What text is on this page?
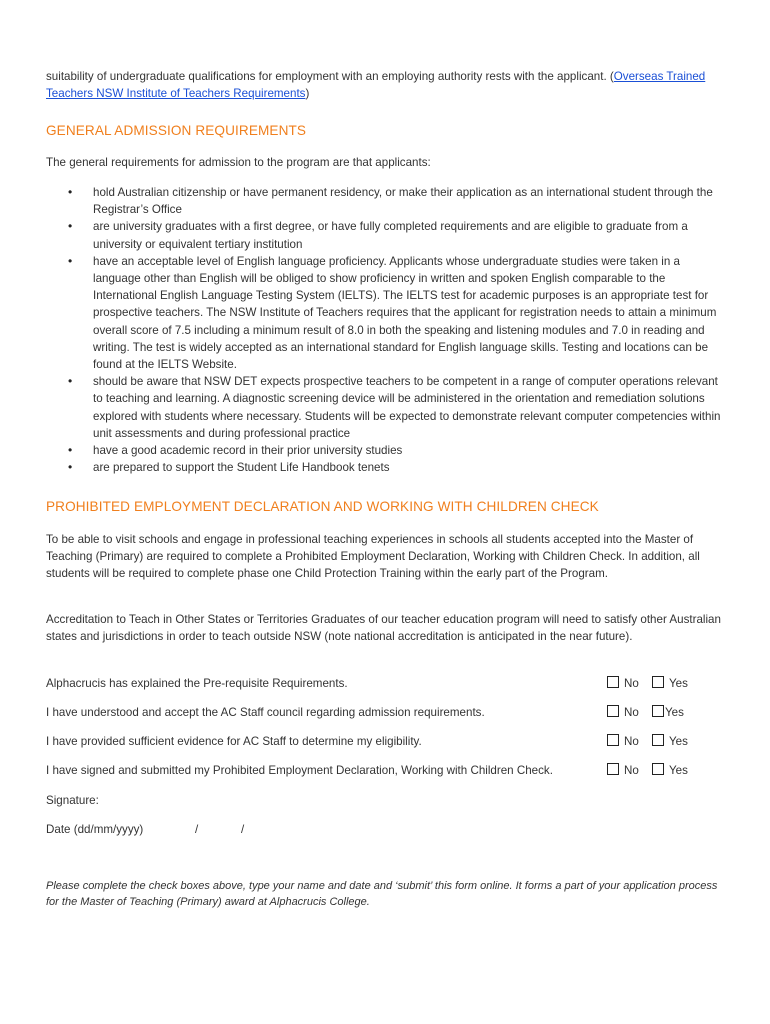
suitability of undergraduate qualifications for employment with an employing authority rests with the applicant. (Overseas Trained Teachers NSW Institute of Teachers Requirements)

GENERAL ADMISSION REQUIREMENTS

The general requirements for admission to the program are that applicants:

• hold Australian citizenship or have permanent residency, or make their application as an international student through the Registrar’s Office
• are university graduates with a first degree, or have fully completed requirements and are eligible to graduate from a university or equivalent tertiary institution
• have an acceptable level of English language proficiency. Applicants whose undergraduate studies were taken in a language other than English will be obliged to show proficiency in written and spoken English comparable to the International English Language Testing System (IELTS). The IELTS test for academic purposes is an appropriate test for prospective teachers. The NSW Institute of Teachers requires that the applicant for registration needs to attain a minimum overall score of 7.5 including a minimum result of 8.0 in both the speaking and listening modules and 7.0 in reading and writing. The test is widely accepted as an international standard for English language skills. Testing and locations can be found at the IELTS Website.
• should be aware that NSW DET expects prospective teachers to be competent in a range of computer operations relevant to teaching and learning. A diagnostic screening device will be administered in the orientation and remediation solutions explored with students where necessary. Students will be expected to demonstrate relevant computer competencies within unit assessments and during professional practice
• have a good academic record in their prior university studies
• are prepared to support the Student Life Handbook tenets
PROHIBITED EMPLOYMENT DECLARATION AND WORKING WITH CHILDREN CHECK

To be able to visit schools and engage in professional teaching experiences in schools all students accepted into the Master of Teaching (Primary) are required to complete a Prohibited Employment Declaration, Working with Children Check. In addition, all students will be required to complete phase one Child Protection Training within the early part of the Program.

Accreditation to Teach in Other States or Territories Graduates of our teacher education program will need to satisfy other Australian states and jurisdictions in order to teach outside NSW (note national accreditation is anticipated in the near future).

Alphacrucis has explained the Pre-requisite Requirements.	No	Yes
I have understood and accept the AC Staff council regarding admission requirements.	No Yes
I have provided sufficient evidence for AC Staff to determine my eligibility.	No	Yes
I have signed and submitted my Prohibited Employment Declaration, Working with Children Check.	No	Yes

Signature:

Date (dd/mm/yyyy)	/	/

Please complete the check boxes above, type your name and date and ‘submit’ this form online. It forms a part of your application process for the Master of Teaching (Primary) award at Alphacrucis College.
